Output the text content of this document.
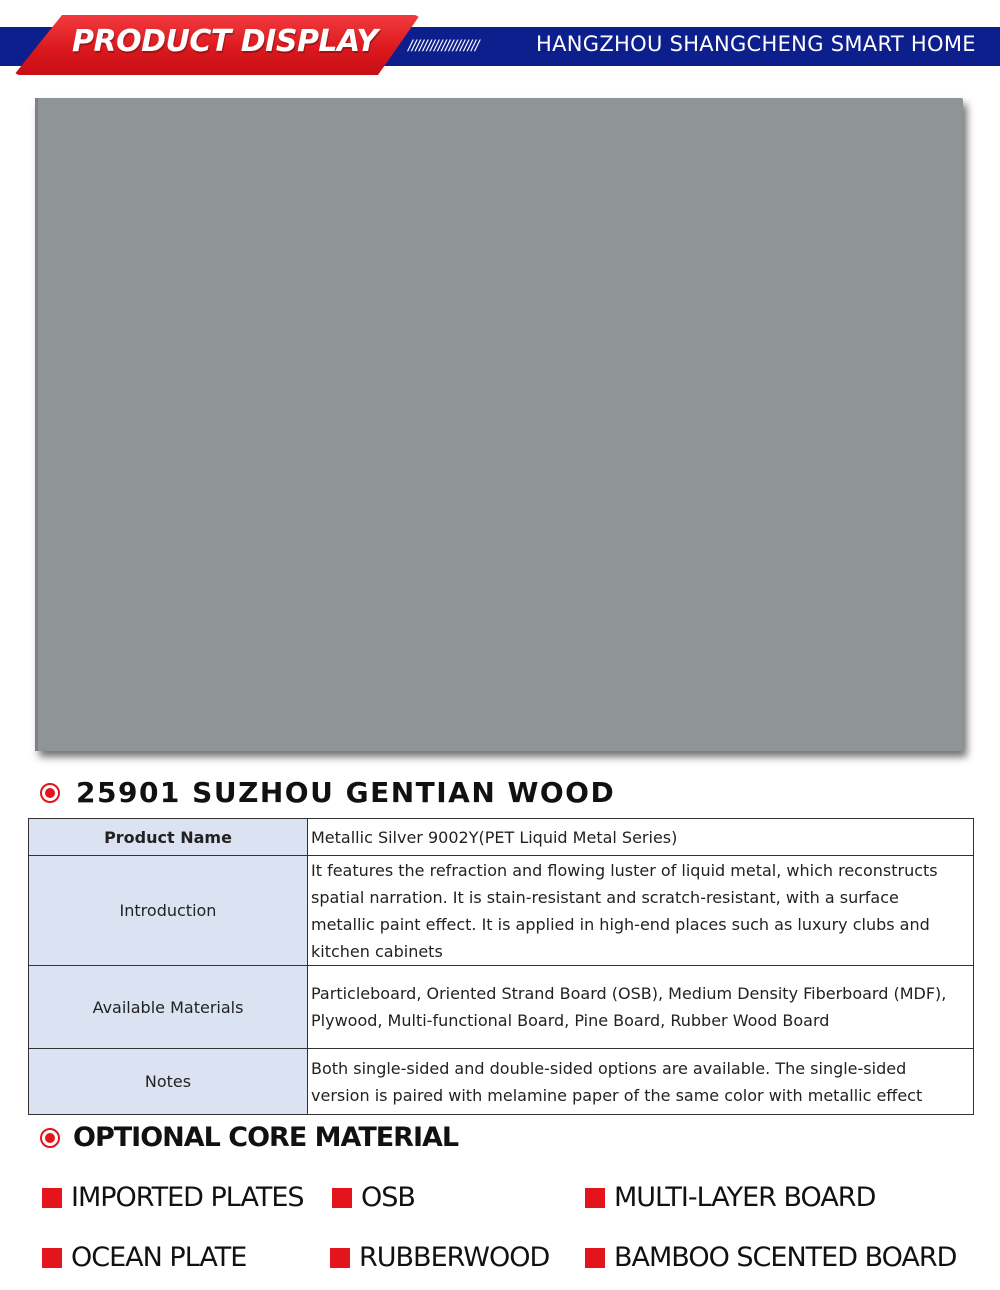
PRODUCT DISPLAY ///////////////////	HANGZHOU SHANGCHENG SMART HOME
25901 SUZHOU GENTIAN WOOD
Product Name	Metallic Silver 9002Y(PET Liquid Metal Series)
Introduction	It features the refraction and flowing luster of liquid metal, which reconstructs spatial narration. It is stain-resistant and scratch-resistant, with a surface metallic paint effect. It is applied in high-end places such as luxury clubs and kitchen cabinets
Available Materials	Particleboard, Oriented Strand Board (OSB), Medium Density Fiberboard (MDF), Plywood, Multi-functional Board, Pine Board, Rubber Wood Board
Notes	Both single-sided and double-sided options are available. The single-sided version is paired with melamine paper of the same color with metallic effect
OPTIONAL CORE MATERIAL
IMPORTED PLATES OSB	MULTI-LAYER BOARD
OCEAN PLATE	RUBBERWOOD BAMBOO SCENTED BOARD
